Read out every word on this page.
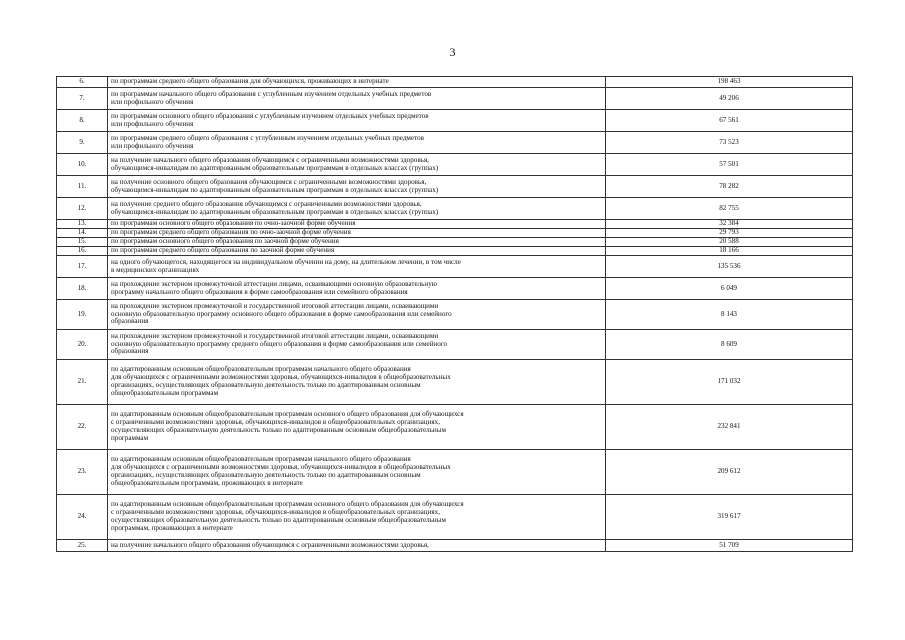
3
6.	по программам среднего общего образования для обучающихся, проживающих в интернате	198 463
7.	по программам начального общего образования с углубленным изучением отдельных учебных предметов
или профильного обучения	49 206
8.	по программам основного общего образования с углубленным изучением отдельных учебных предметов
или профильного обучения	67 561
9.	по программам среднего общего образования с углубленным изучением отдельных учебных предметов
или профильного обучения	73 523
10.	на получение начального общего образования обучающимся с ограниченными возможностями здоровья,
обучающимся-инвалидам по адаптированным образовательным программам в отдельных классах (группах)	57 501
11.	на получение основного общего образования обучающимся с ограниченными возможностями здоровья,
обучающимся-инвалидам по адаптированным образовательным программам в отдельных классах (группах)	78 282
12.	на получение среднего общего образования обучающимся с ограниченными возможностями здоровья,
обучающимся-инвалидам по адаптированным образовательным программам в отдельных классах (группах)	82 755
13.	по программам основного общего образования по очно-заочной форме обучения	32 384
14.	по программам среднего общего образования по очно-заочной форме обучения	29 793
15.	по программам основного общего образования по заочной форме обучения	20 588
16.	по программам среднего общего образования по заочной форме обучения	18 166
17.	на одного обучающегося, находящегося на индивидуальном обучении на дому, на длительном лечении, в том числе
в медицинских организациях	135 536
18.	на прохождение экстерном промежуточной аттестации лицами, осваивающими основную образовательную
программу начального общего образования в форме самообразования или семейного образования	6 049
19.	на прохождение экстерном промежуточной и государственной итоговой аттестации лицами, осваивающими
основную образовательную программу основного общего образования в форме самообразования или семейного
образования	8 143
20.	на прохождение экстерном промежуточной и государственной итоговой аттестации лицами, осваивающими
основную образовательную программу среднего общего образования в форме самообразования или семейного
образования	8 609
21.	по адаптированным основным общеобразовательным программам начального общего образования
для обучающихся с ограниченными возможностями здоровья, обучающихся-инвалидов в общеобразовательных
организациях, осуществляющих образовательную деятельность только по адаптированным основным
общеобразовательным программам	171 032
22.	по адаптированным основным общеобразовательным программам основного общего образования для обучающихся
с ограниченными возможностями здоровья, обучающихся-инвалидов в общеобразовательных организациях,
осуществляющих образовательную деятельность только по адаптированным основным общеобразовательным
программам	232 841
23.	по адаптированным основным общеобразовательным программам начального общего образования
для обучающихся с ограниченными возможностями здоровья, обучающихся-инвалидов в общеобразовательных
организациях, осуществляющих образовательную деятельность только по адаптированным основным
общеобразовательным программам, проживающих в интернате	209 612
24.	по адаптированным основным общеобразовательным программам основного общего образования для обучающихся
с ограниченными возможностями здоровья, обучающихся-инвалидов в общеобразовательных организациях,
осуществляющих образовательную деятельность только по адаптированным основным общеобразовательным
программам, проживающих в интернате	319 617
25.	на получение начального общего образования обучающимся с ограниченными возможностями здоровья,	51 709
